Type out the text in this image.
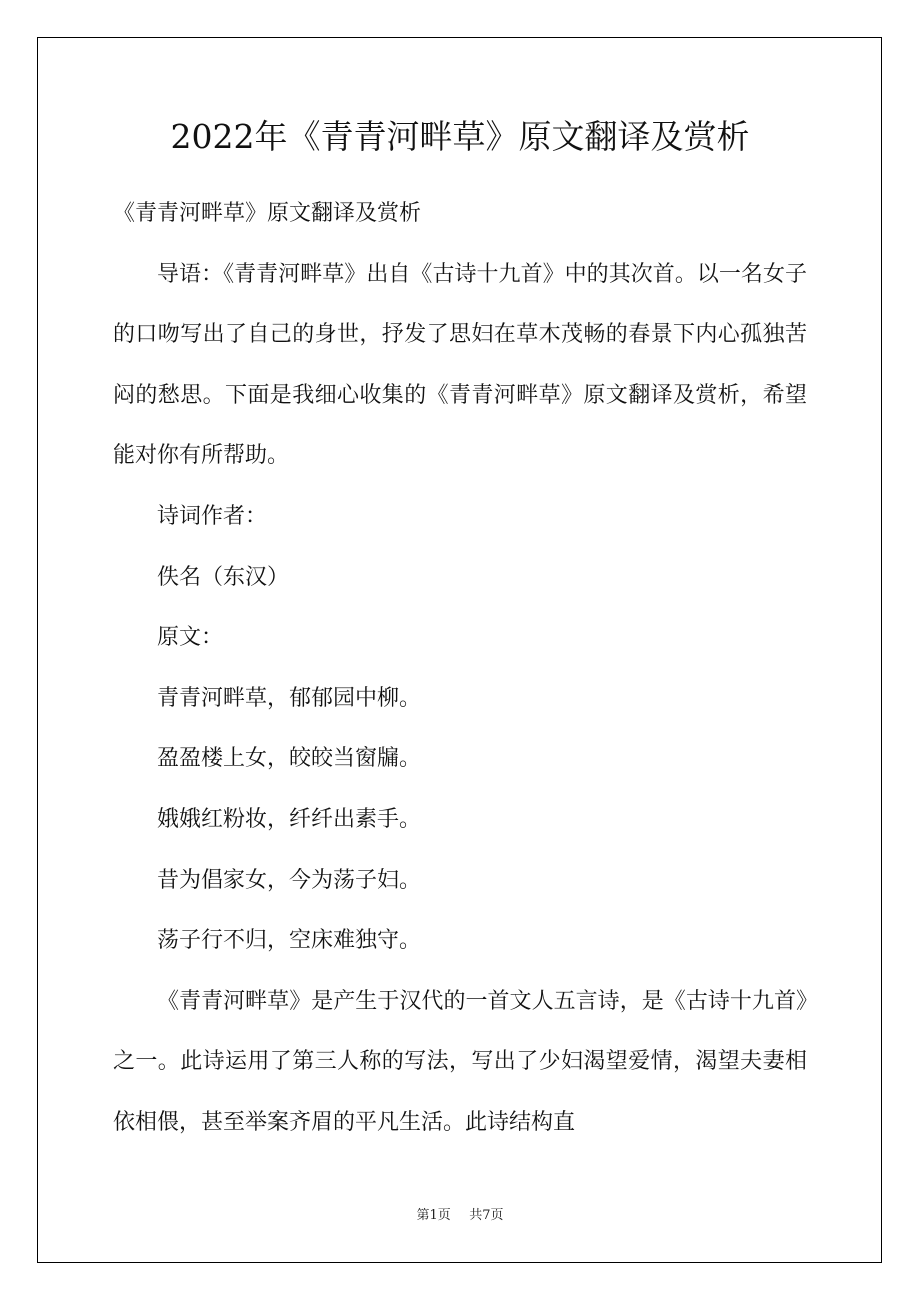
2022年《青青河畔草》原文翻译及赏析

《青青河畔草》原文翻译及赏析

导语：《青青河畔草》出自《古诗十九首》中的其次首。以一名女子的口吻写出了自己的身世，抒发了思妇在草木茂畅的春景下内心孤独苦闷的愁思。下面是我细心收集的《青青河畔草》原文翻译及赏析，希望能对你有所帮助。

诗词作者：

佚名（东汉）

原文：

青青河畔草，郁郁园中柳。

盈盈楼上女，皎皎当窗牖。

娥娥红粉妆，纤纤出素手。

昔为倡家女，今为荡子妇。

荡子行不归，空床难独守。

《青青河畔草》是产生于汉代的一首文人五言诗，是《古诗十九首》之一。此诗运用了第三人称的写法，写出了少妇渴望爱情，渴望夫妻相依相偎，甚至举案齐眉的平凡生活。此诗结构直

第1页 共7页
